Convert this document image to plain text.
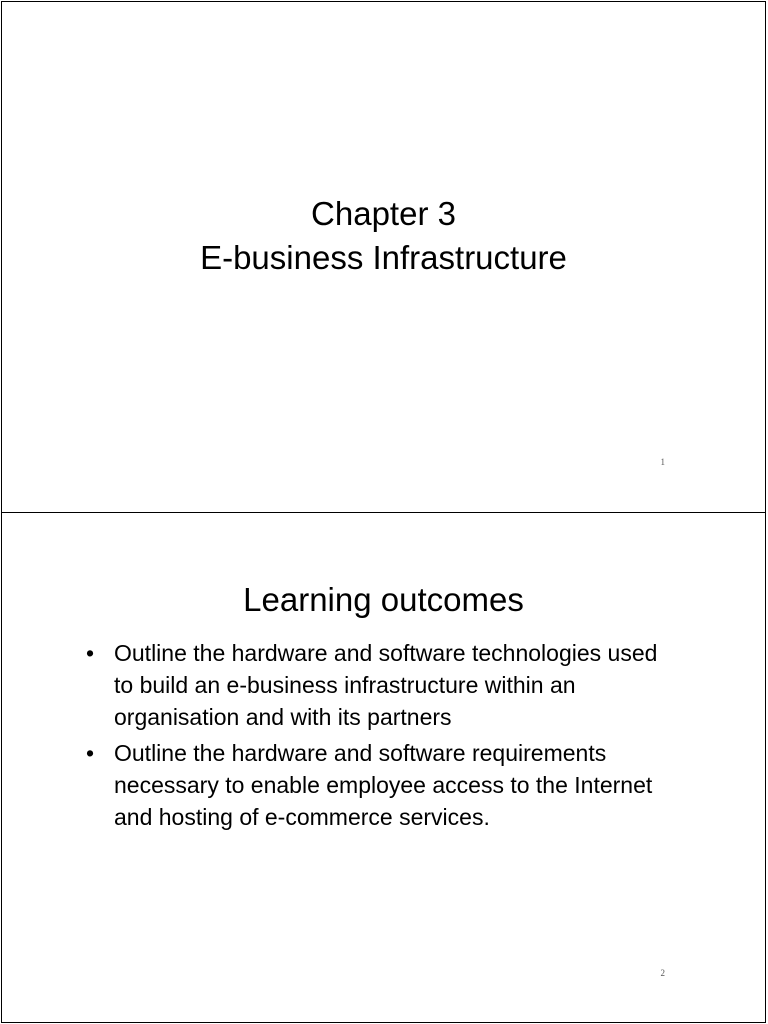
Chapter 3
E-business Infrastructure
1
Learning outcomes
• Outline the hardware and software technologies used to build an e-business infrastructure within an organisation and with its partners
• Outline the hardware and software requirements necessary to enable employee access to the Internet and hosting of e-commerce services.
2
